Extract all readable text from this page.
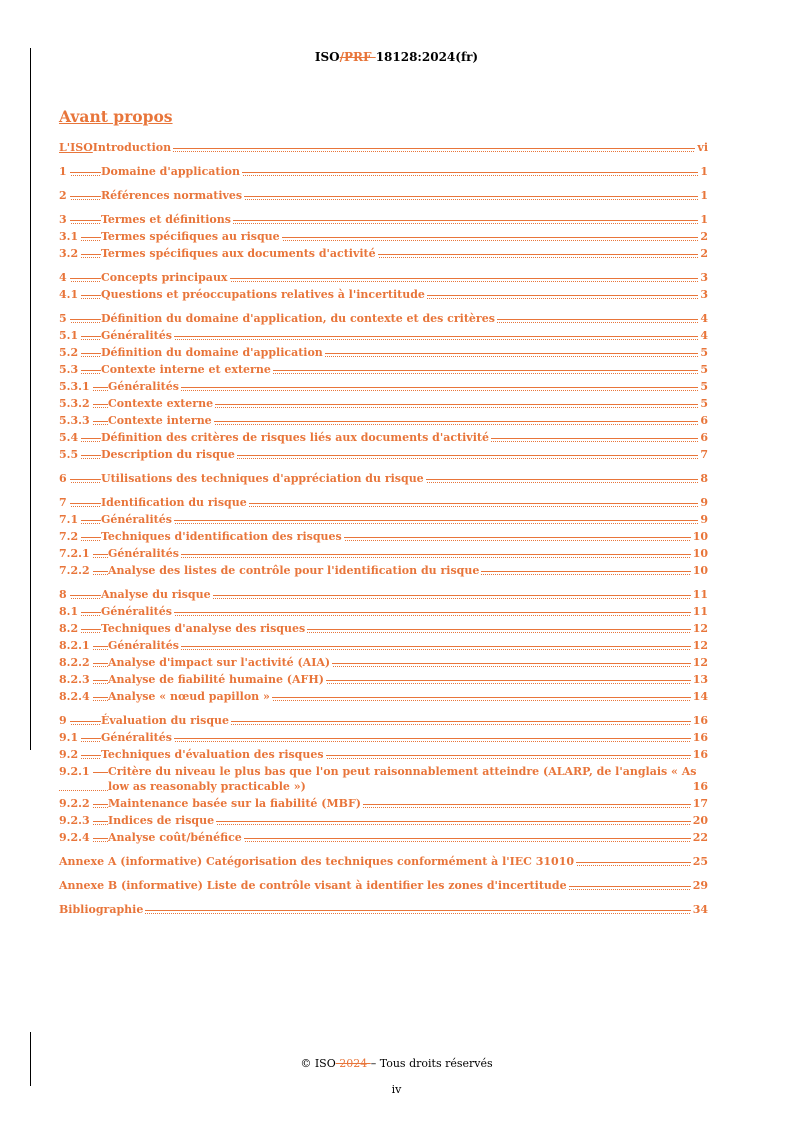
ISO/PRF 18128:2024(fr)
Avant propos
L'ISOIntroduction	vi
1	Domaine d'application	1
2	Références normatives	1
3	Termes et définitions	1
3.1 Termes spécifiques au risque	2
3.2 Termes spécifiques aux documents d'activité	2
4	Concepts principaux	3
4.1 Questions et préoccupations relatives à l'incertitude	3
5	Définition du domaine d'application, du contexte et des critères	4
5.1 Généralités	4
5.2 Définition du domaine d'application	5
5.3 Contexte interne et externe	5
5.3.1 Généralités	5
5.3.2 Contexte externe	5
5.3.3 Contexte interne	6
5.4 Définition des critères de risques liés aux documents d'activité	6
5.5 Description du risque	7
6	Utilisations des techniques d'appréciation du risque	8
7	Identification du risque	9
7.1 Généralités	9
7.2 Techniques d'identification des risques	10
7.2.1 Généralités	10
7.2.2 Analyse des listes de contrôle pour l'identification du risque	10
8	Analyse du risque	11
8.1 Généralités	11
8.2 Techniques d'analyse des risques	12
8.2.1 Généralités	12
8.2.2 Analyse d'impact sur l'activité (AIA)	12
8.2.3 Analyse de fiabilité humaine (AFH)	13
8.2.4 Analyse « nœud papillon »	14
9	Évaluation du risque	16
9.1 Généralités	16
9.2 Techniques d'évaluation des risques	16
9.2.1 Critère du niveau le plus bas que l'on peut raisonnablement atteindre (ALARP, de l'anglais « As low as reasonably practicable »)	16
9.2.2 Maintenance basée sur la fiabilité (MBF)	17
9.2.3 Indices de risque	20
9.2.4 Analyse coût/bénéfice	22
Annexe A (informative) Catégorisation des techniques conformément à l'IEC 31010	25
Annexe B (informative) Liste de contrôle visant à identifier les zones d'incertitude	29
Bibliographie	34
© ISO 2024 – Tous droits réservés
iv
